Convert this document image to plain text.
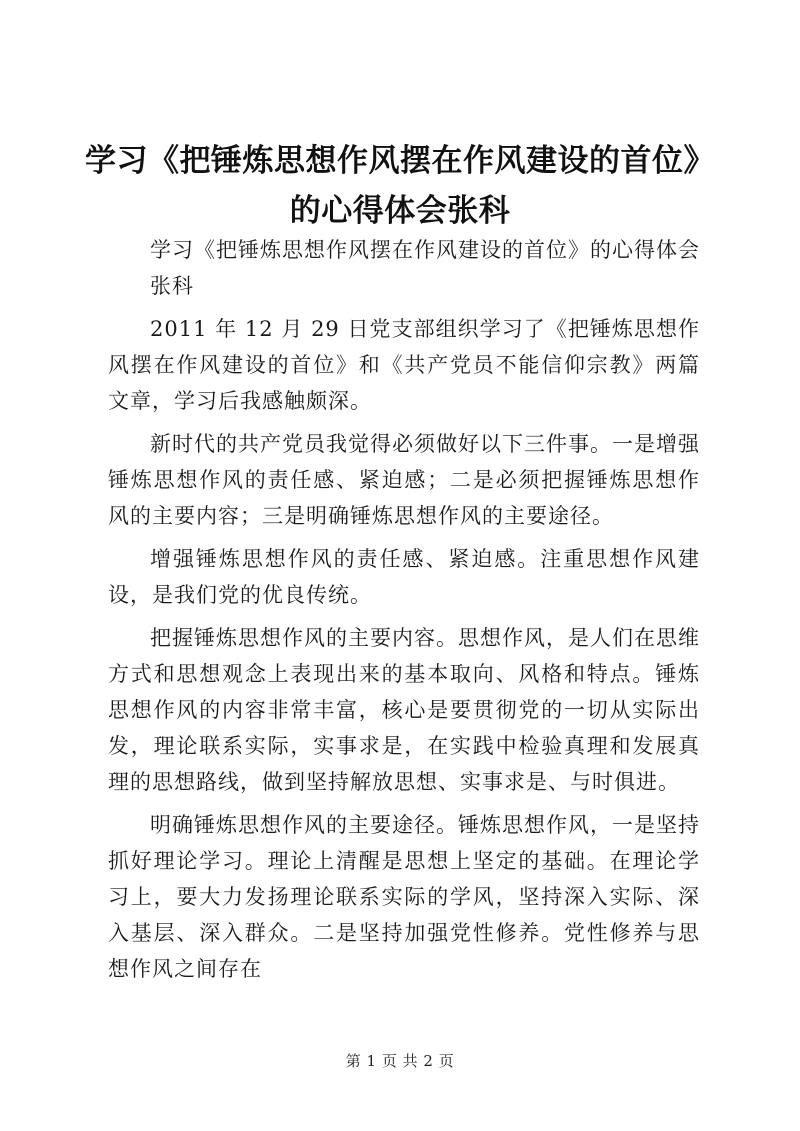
学习《把锤炼思想作风摆在作风建设的首位》
的心得体会张科

学习《把锤炼思想作风摆在作风建设的首位》的心得体会

张科

2011 年 12 月 29 日党支部组织学习了《把锤炼思想作风摆在作风建设的首位》和《共产党员不能信仰宗教》两篇文章，学习后我感触颇深。

新时代的共产党员我觉得必须做好以下三件事。一是增强锤炼思想作风的责任感、紧迫感；二是必须把握锤炼思想作风的主要内容；三是明确锤炼思想作风的主要途径。

增强锤炼思想作风的责任感、紧迫感。注重思想作风建设，是我们党的优良传统。

把握锤炼思想作风的主要内容。思想作风，是人们在思维方式和思想观念上表现出来的基本取向、风格和特点。锤炼思想作风的内容非常丰富，核心是要贯彻党的一切从实际出发，理论联系实际，实事求是，在实践中检验真理和发展真理的思想路线，做到坚持解放思想、实事求是、与时俱进。

明确锤炼思想作风的主要途径。锤炼思想作风，一是坚持抓好理论学习。理论上清醒是思想上坚定的基础。在理论学习上，要大力发扬理论联系实际的学风，坚持深入实际、深入基层、深入群众。二是坚持加强党性修养。党性修养与思想作风之间存在

第 1 页 共 2 页
